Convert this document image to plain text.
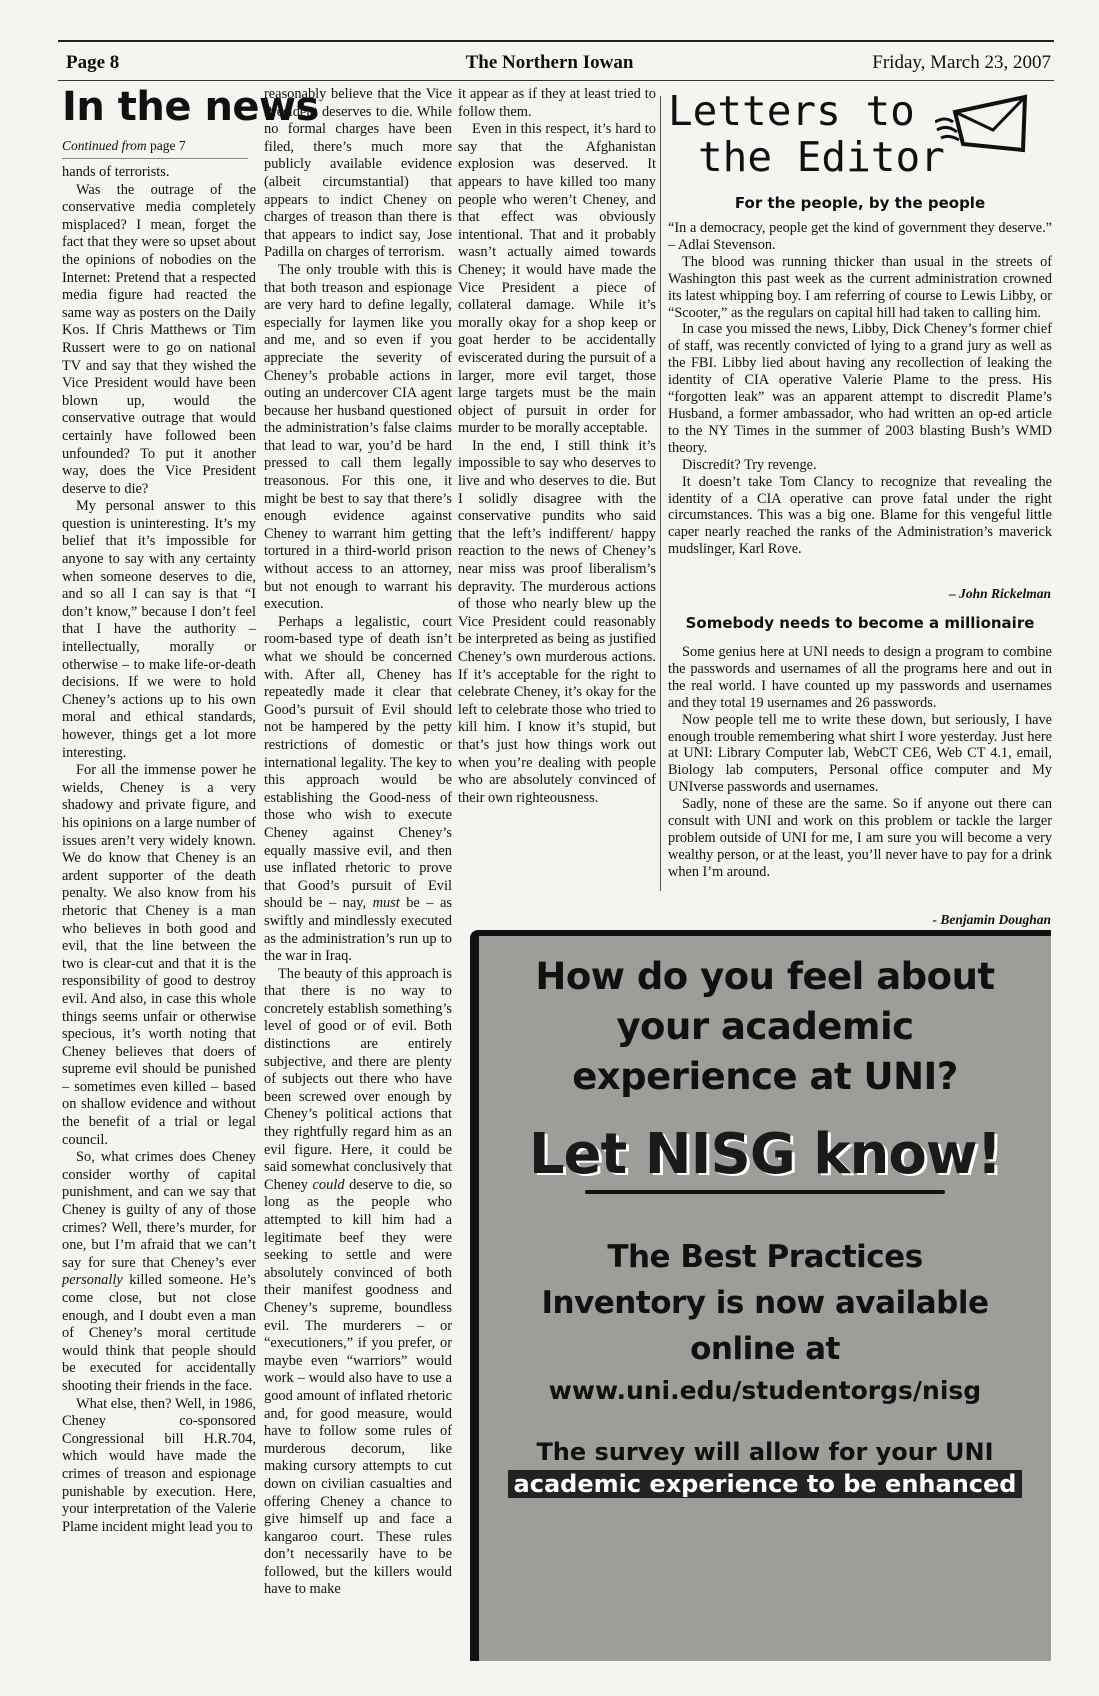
Page 8	The Northern Iowan	Friday, March 23, 2007
In the news
Continued from page 7

hands of terrorists.

Was the outrage of the conservative media completely misplaced? I mean, forget the fact that they were so upset about the opinions of nobodies on the Internet: Pretend that a respected media figure had reacted the same way as posters on the Daily Kos. If Chris Matthews or Tim Russert were to go on national TV and say that they wished the Vice President would have been blown up, would the conservative outrage that would certainly have followed been unfounded? To put it another way, does the Vice President deserve to die?

My personal answer to this question is uninteresting. It’s my belief that it’s impossible for anyone to say with any certainty when someone deserves to die, and so all I can say is that “I don’t know,” because I don’t feel that I have the authority – intellectually, morally or otherwise – to make life-or-death decisions. If we were to hold Cheney’s actions up to his own moral and ethical standards, however, things get a lot more interesting.

For all the immense power he wields, Cheney is a very shadowy and private figure, and his opinions on a large number of issues aren’t very widely known. We do know that Cheney is an ardent supporter of the death penalty. We also know from his rhetoric that Cheney is a man who believes in both good and evil, that the line between the two is clear-cut and that it is the responsibility of good to destroy evil. And also, in case this whole things seems unfair or otherwise specious, it’s worth noting that Cheney believes that doers of supreme evil should be punished – sometimes even killed – based on shallow evidence and without the benefit of a trial or legal council.

So, what crimes does Cheney consider worthy of capital punishment, and can we say that Cheney is guilty of any of those crimes? Well, there’s murder, for one, but I’m afraid that we can’t say for sure that Cheney’s ever personally killed someone. He’s come close, but not close enough, and I doubt even a man of Cheney’s moral certitude would think that people should be executed for accidentally shooting their friends in the face.

What else, then? Well, in 1986, Cheney co-sponsored Congressional bill H.R.704, which would have made the crimes of treason and espionage punishable by execution. Here, your interpretation of the Valerie Plame incident might lead you to

reasonably believe that the Vice President deserves to die. While no formal charges have been filed, there’s much more publicly available evidence (albeit circumstantial) that appears to indict Cheney on charges of treason than there is that appears to indict say, Jose Padilla on charges of terrorism.

The only trouble with this is that both treason and espionage are very hard to define legally, especially for laymen like you and me, and so even if you appreciate the severity of Cheney’s probable actions in outing an undercover CIA agent because her husband questioned the administration’s false claims that lead to war, you’d be hard pressed to call them legally treasonous. For this one, it might be best to say that there’s enough evidence against Cheney to warrant him getting tortured in a third-world prison without access to an attorney, but not enough to warrant his execution.

Perhaps a legalistic, court room-based type of death isn’t what we should be concerned with. After all, Cheney has repeatedly made it clear that Good’s pursuit of Evil should not be hampered by the petty restrictions of domestic or international legality. The key to this approach would be establishing the Good-ness of those who wish to execute Cheney against Cheney’s equally massive evil, and then use inflated rhetoric to prove that Good’s pursuit of Evil should be – nay, must be – as swiftly and mindlessly executed as the administration’s run up to the war in Iraq.

The beauty of this approach is that there is no way to concretely establish something’s level of good or of evil. Both distinctions are entirely subjective, and there are plenty of subjects out there who have been screwed over enough by Cheney’s political actions that they rightfully regard him as an evil figure. Here, it could be said somewhat conclusively that Cheney could deserve to die, so long as the people who attempted to kill him had a legitimate beef they were seeking to settle and were absolutely convinced of both their manifest goodness and Cheney’s supreme, boundless evil. The murderers – or “executioners,” if you prefer, or maybe even “warriors” would work – would also have to use a good amount of inflated rhetoric and, for good measure, would have to follow some rules of murderous decorum, like making cursory attempts to cut down on civilian casualties and offering Cheney a chance to give himself up and face a kangaroo court. These rules don’t necessarily have to be followed, but the killers would have to make

it appear as if they at least tried to follow them.

Even in this respect, it’s hard to say that the Afghanistan explosion was deserved. It appears to have killed too many people who weren’t Cheney, and that effect was obviously intentional. That and it probably wasn’t actually aimed towards Cheney; it would have made the Vice President a piece of collateral damage. While it’s morally okay for a shop keep or goat herder to be accidentally eviscerated during the pursuit of a larger, more evil target, those large targets must be the main object of pursuit in order for murder to be morally acceptable.

In the end, I still think it’s impossible to say who deserves to live and who deserves to die. But I solidly disagree with the conservative pundits who said that the left’s indifferent/ happy reaction to the news of Cheney’s near miss was proof liberalism’s depravity. The murderous actions of those who nearly blew up the Vice President could reasonably be interpreted as being as justified Cheney’s own murderous actions. If it’s acceptable for the right to celebrate Cheney, it’s okay for the left to celebrate those who tried to kill him. I know it’s stupid, but that’s just how things work out when you’re dealing with people who are absolutely convinced of their own righteousness.

Letters to
the Editor
For the people, by the people

“In a democracy, people get the kind of government they deserve.” – Adlai Stevenson.

The blood was running thicker than usual in the streets of Washington this past week as the current administration crowned its latest whipping boy. I am referring of course to Lewis Libby, or “Scooter,” as the regulars on capital hill had taken to calling him.

In case you missed the news, Libby, Dick Cheney’s former chief of staff, was recently convicted of lying to a grand jury as well as the FBI. Libby lied about having any recollection of leaking the identity of CIA operative Valerie Plame to the press. His “forgotten leak” was an apparent attempt to discredit Plame’s Husband, a former ambassador, who had written an op-ed article to the NY Times in the summer of 2003 blasting Bush’s WMD theory.

Discredit? Try revenge.

It doesn’t take Tom Clancy to recognize that revealing the identity of a CIA operative can prove fatal under the right circumstances. This was a big one. Blame for this vengeful little caper nearly reached the ranks of the Administration’s maverick mudslinger, Karl Rove.

– John Rickelman
Somebody needs to become a millionaire

Some genius here at UNI needs to design a program to combine the passwords and usernames of all the programs here and out in the real world. I have counted up my passwords and usernames and they total 19 usernames and 26 passwords.

Now people tell me to write these down, but seriously, I have enough trouble remembering what shirt I wore yesterday. Just here at UNI: Library Computer lab, WebCT CE6, Web CT 4.1, email, Biology lab computers, Personal office computer and My UNIverse passwords and usernames.

Sadly, none of these are the same. So if anyone out there can consult with UNI and work on this problem or tackle the larger problem outside of UNI for me, I am sure you will become a very wealthy person, or at the least, you’ll never have to pay for a drink when I’m around.

- Benjamin Doughan
How do you feel about
your academic
experience at UNI?
Let NISG know!
The Best Practices
Inventory is now available
online at
www.uni.edu/studentorgs/nisg
The survey will allow for your UNI
academic experience to be enhanced
